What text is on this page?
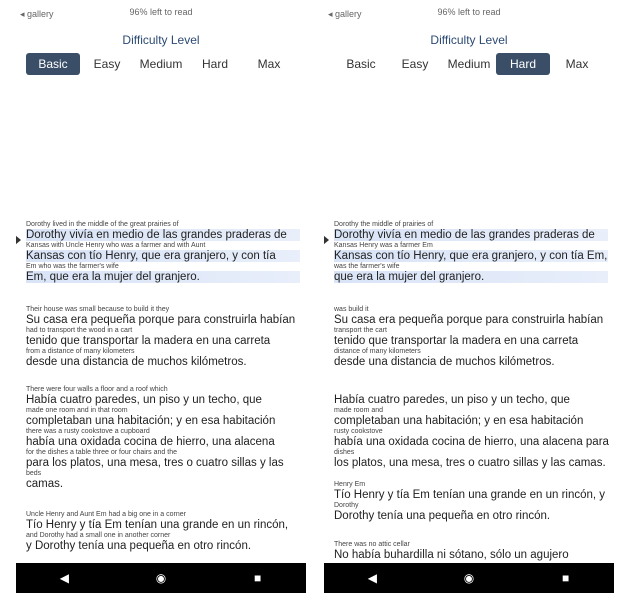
96% left to read
◂ gallery
Difficulty Level
Basic	Easy	Medium	Hard	Max
Dorothy lived in the middle of the great prairies of
Dorothy vivía en medio de las grandes praderas de
Kansas with Uncle Henry who was a farmer and with Aunt
Kansas con tío Henry, que era granjero, y con tía
Em who was the farmer's wife
Em, que era la mujer del granjero.
Their house was small because to build it they
Su casa era pequeña porque para construirla habían
had to transport the wood in a cart
tenido que transportar la madera en una carreta
from a distance of many kilometers
desde una distancia de muchos kilómetros.
There were four walls a floor and a roof which
Había cuatro paredes, un piso y un techo, que
made one room and in that room
completaban una habitación; y en esa habitación
there was a rusty cookstove a cupboard
había una oxidada cocina de hierro, una alacena
for the dishes a table three or four chairs and the
para los platos, una mesa, tres o cuatro sillas y las
beds
camas.
Uncle Henry and Aunt Em had a big one in a corner
Tío Henry y tía Em tenían una grande en un rincón,
and Dorothy had a small one in another corner
y Dorothy tenía una pequeña en otro rincón.
◀	◉	■
96% left to read
◂ gallery
Difficulty Level
Basic	Easy	Medium	Hard	Max
Dorothy the middle of prairies of
Dorothy vivía en medio de las grandes praderas de
Kansas Henry was a farmer Em
Kansas con tío Henry, que era granjero, y con tía Em,
was the farmer's wife
que era la mujer del granjero.
was build it
Su casa era pequeña porque para construirla habían
transport the cart
tenido que transportar la madera en una carreta
distance of many kilometers
desde una distancia de muchos kilómetros.
Había cuatro paredes, un piso y un techo, que
made room and
completaban una habitación; y en esa habitación
rusty cookstove
había una oxidada cocina de hierro, una alacena para
dishes
los platos, una mesa, tres o cuatro sillas y las camas.
Henry Em
Tío Henry y tía Em tenían una grande en un rincón, y
Dorothy
Dorothy tenía una pequeña en otro rincón.
There was no attic cellar
No había buhardilla ni sótano, sólo un agujero
◀	◉	■
